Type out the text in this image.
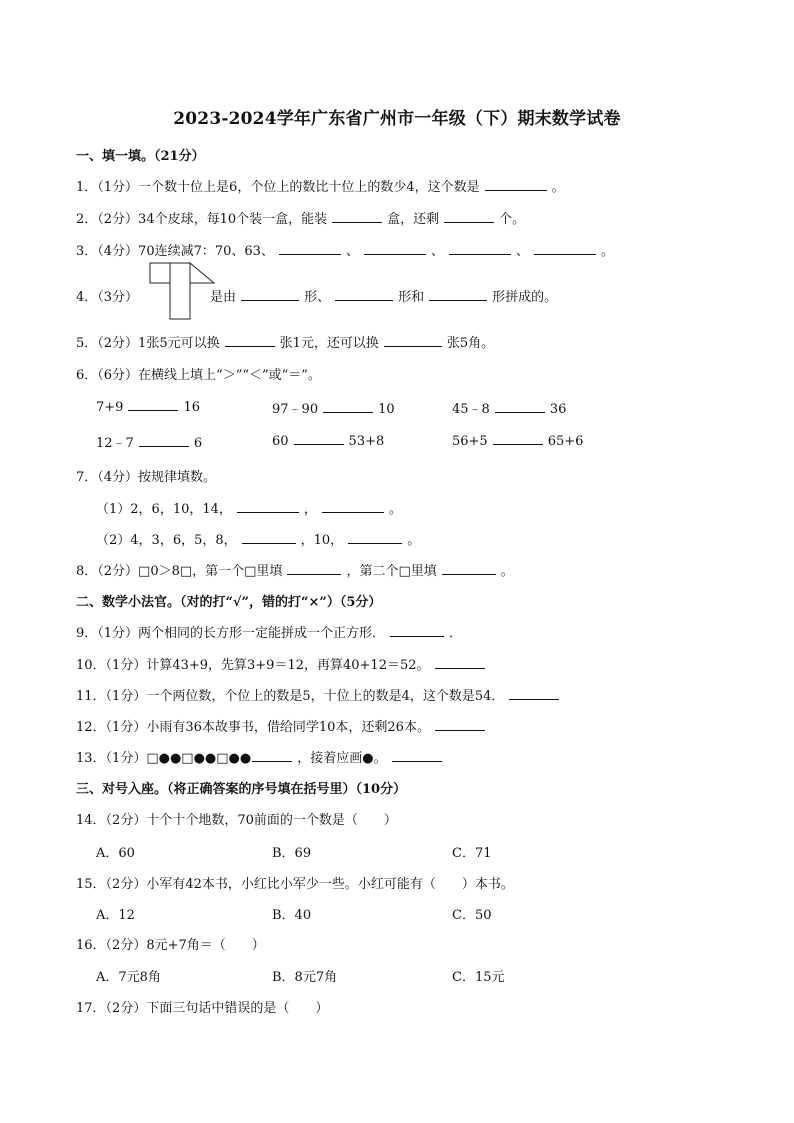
2023-2024学年广东省广州市一年级（下）期末数学试卷
一、填一填。（21分）
1．（1分）一个数十位上是6，个位上的数比十位上的数少4，这个数是	。
2．（2分）34个皮球，每10个装一盒，能装	盒，还剩	个。
3．（4分）70连续减7：70、63、	、	、	、	。
4．（3分）	是由	形、	形和	形拼成的。
5．（2分）1张5元可以换	张1元，还可以换	张5角。
6．（6分）在横线上填上“＞”“＜”或“＝”。
7+9	16	97﹣90	10	45﹣8	36
12﹣7	6	60	53+8	56+5	65+6
7．（4分）按规律填数。
（1）2，6，10，14，	，	。
（2）4，3，6，5，8，	，10，	。
8．（2分）□0＞8□，第一个□里填	，第二个□里填	。
二、数学小法官。（对的打“√”，错的打“×”）（5分）
9．（1分）两个相同的长方形一定能拼成一个正方形．	．
10．（1分）计算43+9，先算3+9＝12，再算40+12＝52。
11．（1分）一个两位数，个位上的数是5，十位上的数是4，这个数是54．
12．（1分）小雨有36本故事书，借给同学10本，还剩26本。
13．（1分）□●●□●●□●●	，接着应画●。
三、对号入座。（将正确答案的序号填在括号里）（10分）
14．（2分）十个十个地数，70前面的一个数是（　　）
A．60	B．69	C．71
15．（2分）小军有42本书，小红比小军少一些。小红可能有（　　）本书。
A．12	B．40	C．50
16．（2分）8元+7角＝（　　）
A．7元8角	B．8元7角	C．15元
17．（2分）下面三句话中错误的是（　　）
